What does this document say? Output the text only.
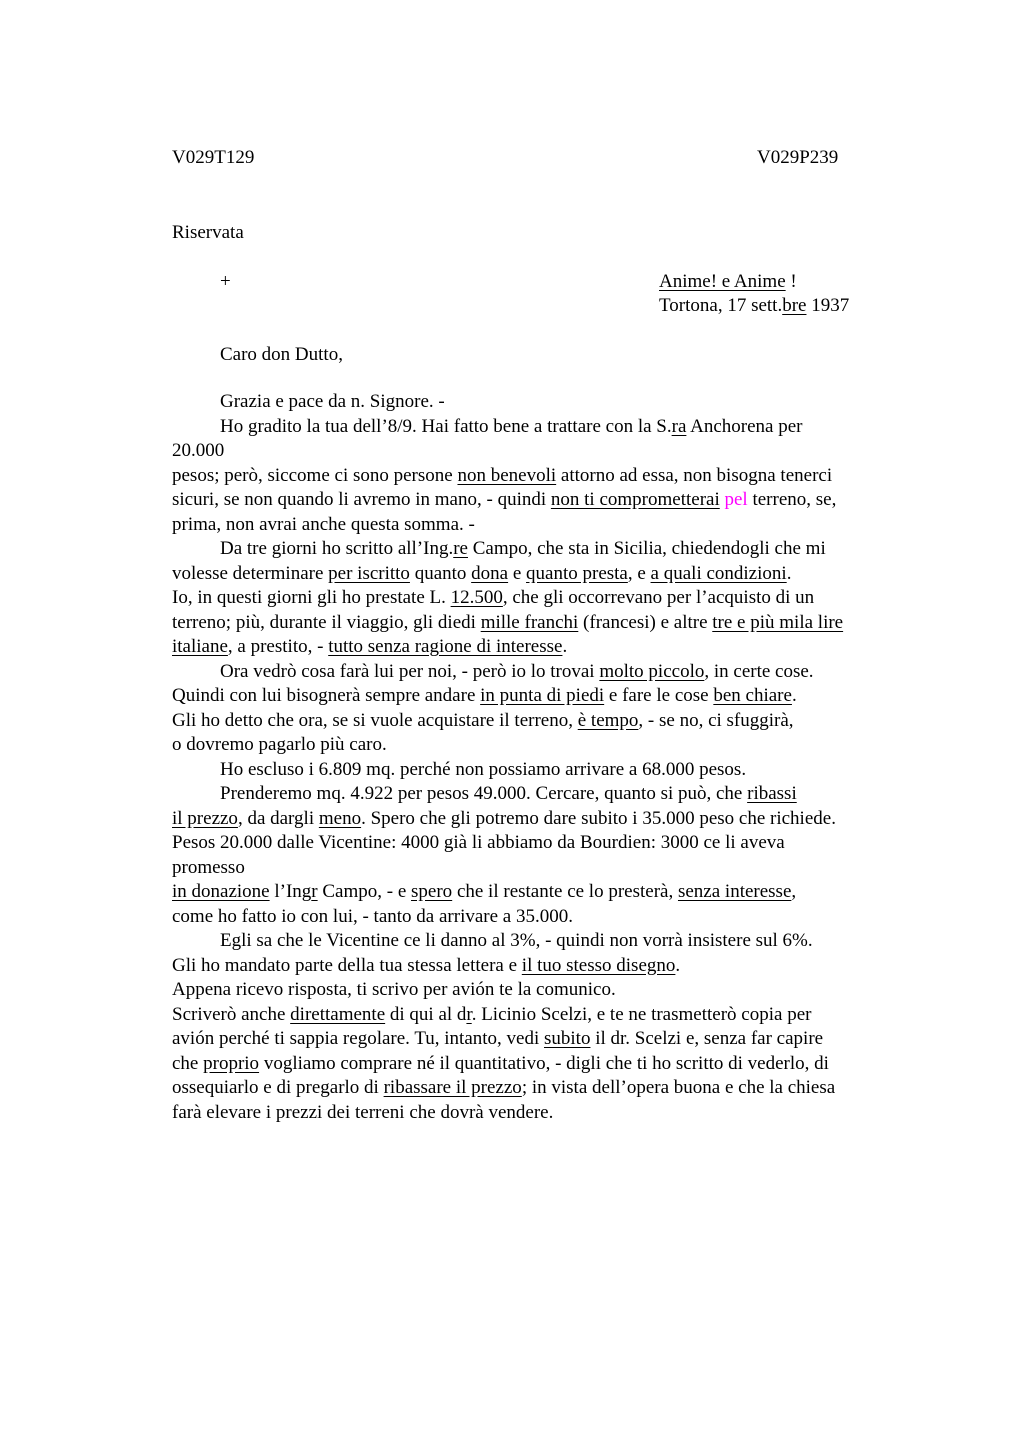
V029T129	V029P239
Riservata
+	Anime! e Anime !
Tortona, 17 sett.bre 1937
Caro don Dutto,
Grazia e pace da n. Signore. -
Ho gradito la tua dell’8/9. Hai fatto bene a trattare con la S.ra Anchorena per
20.000
pesos; però, siccome ci sono persone non benevoli attorno ad essa, non bisogna tenerci
sicuri, se non quando li avremo in mano, - quindi non ti comprometterai pel terreno, se,
prima, non avrai anche questa somma. -
Da tre giorni ho scritto all’Ing.re Campo, che sta in Sicilia, chiedendogli che mi
volesse determinare per iscritto quanto dona e quanto presta, e a quali condizioni.
Io, in questi giorni gli ho prestate L. 12.500, che gli occorrevano per l’acquisto di un
terreno; più, durante il viaggio, gli diedi mille franchi (francesi) e altre tre e più mila lire
italiane, a prestito, - tutto senza ragione di interesse.
Ora vedrò cosa farà lui per noi, - però io lo trovai molto piccolo, in certe cose.
Quindi con lui bisognerà sempre andare in punta di piedi e fare le cose ben chiare.
Gli ho detto che ora, se si vuole acquistare il terreno, è tempo, - se no, ci sfuggirà,
o dovremo pagarlo più caro.
Ho escluso i 6.809 mq. perché non possiamo arrivare a 68.000 pesos.
Prenderemo mq. 4.922 per pesos 49.000. Cercare, quanto si può, che ribassi
il prezzo, da dargli meno. Spero che gli potremo dare subito i 35.000 peso che richiede.
Pesos 20.000 dalle Vicentine: 4000 già li abbiamo da Bourdien: 3000 ce li aveva
promesso
in donazione l’Ingr Campo, - e spero che il restante ce lo presterà, senza interesse,
come ho fatto io con lui, - tanto da arrivare a 35.000.
Egli sa che le Vicentine ce li danno al 3%, - quindi non vorrà insistere sul 6%.
Gli ho mandato parte della tua stessa lettera e il tuo stesso disegno.
Appena ricevo risposta, ti scrivo per avión te la comunico.
Scriverò anche direttamente di qui al dr. Licinio Scelzi, e te ne trasmetterò copia per
avión perché ti sappia regolare. Tu, intanto, vedi subito il dr. Scelzi e, senza far capire
che proprio vogliamo comprare né il quantitativo, - digli che ti ho scritto di vederlo, di
ossequiarlo e di pregarlo di ribassare il prezzo; in vista dell’opera buona e che la chiesa
farà elevare i prezzi dei terreni che dovrà vendere.
